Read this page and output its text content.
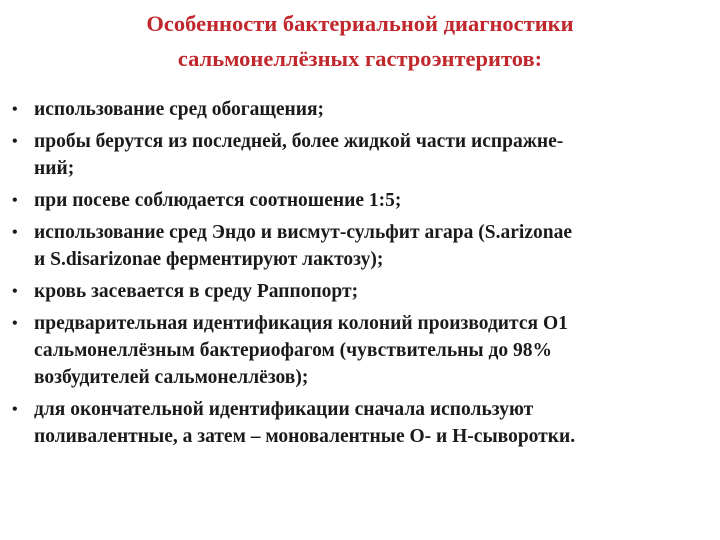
Особенности бактериальной диагностики
сальмонеллёзных гастроэнтеритов:
• использование сред обогащения;
• пробы берутся из последней, более жидкой части испражне-
ний;
• при посеве соблюдается соотношение 1:5;
• использование сред Эндо и висмут-сульфит агара (S.arizonae
и S.disarizonae ферментируют лактозу);
• кровь засевается в среду Раппопорт;
• предварительная идентификация колоний производится О1
сальмонеллёзным бактериофагом (чувствительны до 98%
возбудителей сальмонеллёзов);
• для окончательной идентификации сначала используют
поливалентные, а затем – моновалентные О- и Н-сыворотки.
